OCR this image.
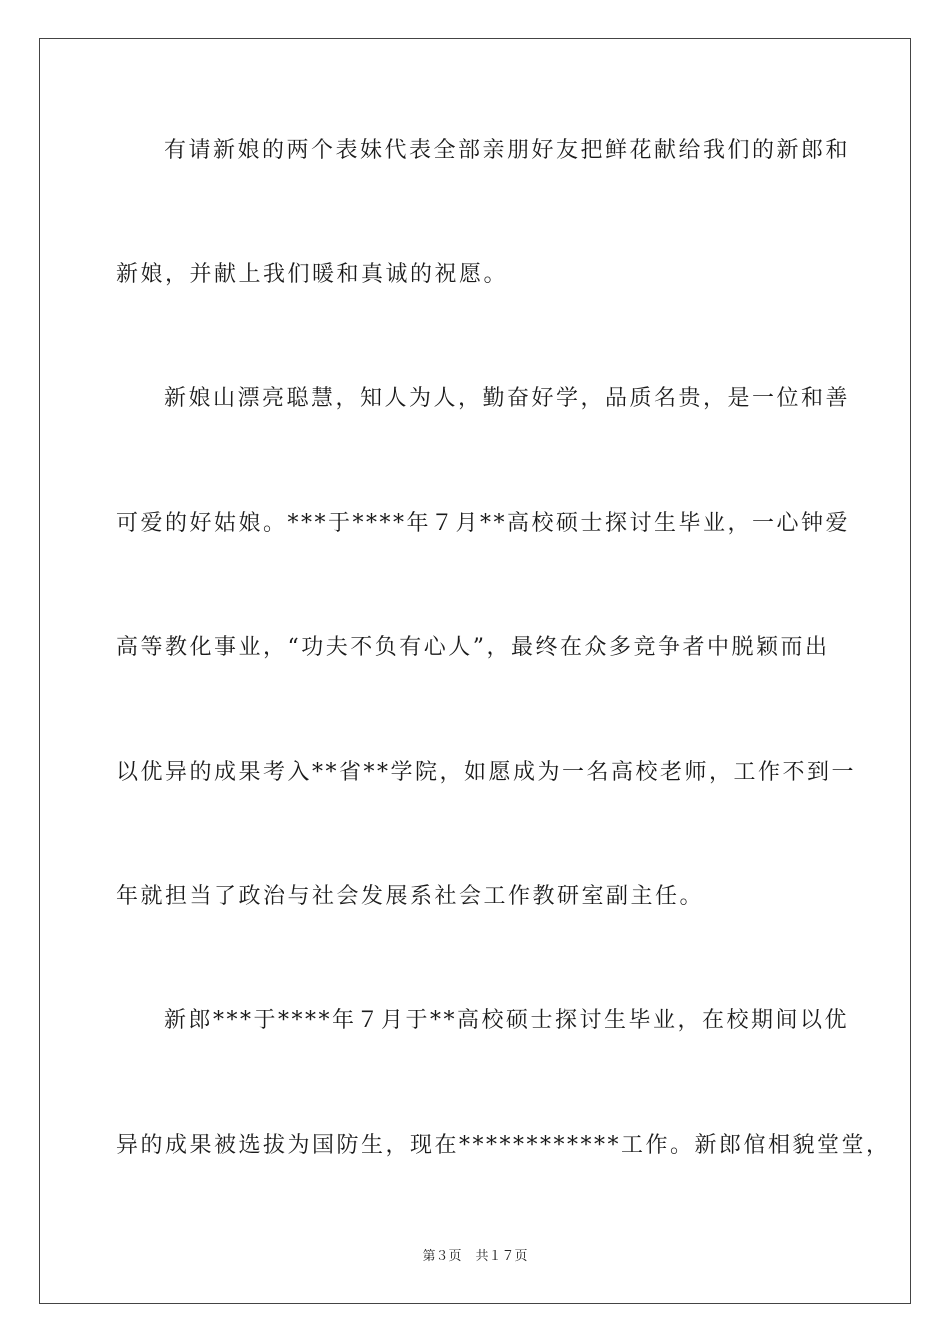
有请新娘的两个表妹代表全部亲朋好友把鲜花献给我们的新郎和
新娘，并献上我们暖和真诚的祝愿。
新娘山漂亮聪慧，知人为人，勤奋好学，品质名贵，是一位和善
可爱的好姑娘。***于****年７月**高校硕士探讨生毕业，一心钟爱
高等教化事业，“功夫不负有心人”，最终在众多竞争者中脱颖而出
以优异的成果考入**省**学院，如愿成为一名高校老师，工作不到一
年就担当了政治与社会发展系社会工作教研室副主任。
新郎***于****年７月于**高校硕士探讨生毕业，在校期间以优
异的成果被选拔为国防生，现在************工作。新郎倌相貌堂堂，
第３页 共１７页
